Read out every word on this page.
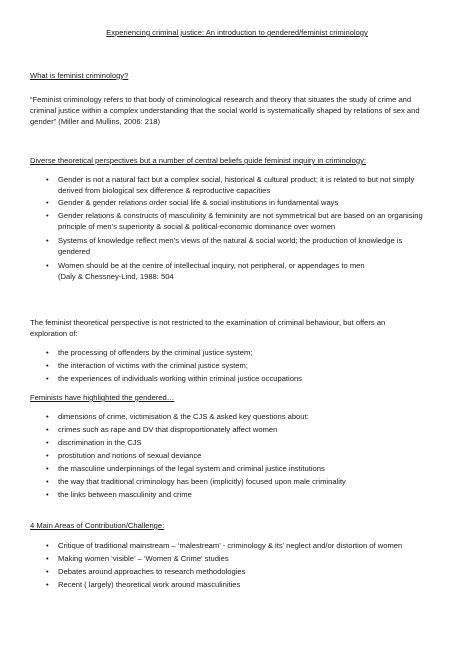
Experiencing criminal justice: An introduction to gendered/feminist criminology
What is feminist criminology?
“Feminist criminology refers to that body of criminological research and theory that situates the study of crime and
criminal justice within a complex understanding that the social world is systematically shaped by relations of sex and
gender” (Miller and Mullins, 2006: 218)
Diverse theoretical perspectives but a number of central beliefs guide feminist inquiry in criminology:
• Gender is not a natural fact but a complex social, historical & cultural product; it is related to but not simply
derived from biological sex difference & reproductive capacities
• Gender & gender relations order social life & social institutions in fundamental ways
• Gender relations & constructs of masculinity & femininity are not symmetrical but are based on an organising
principle of men’s superiority & social & political-economic dominance over women
• Systems of knowledge reflect men’s views of the natural & social world; the production of knowledge is
gendered
• Women should be at the centre of intellectual inquiry, not peripheral, or appendages to men
(Daly & Chessney-Lind, 1988: 504
The feminist theoretical perspective is not restricted to the examination of criminal behaviour, but offers an
exploration of:
• the processing of offenders by the criminal justice system;
• the interaction of victims with the criminal justice system;
• the experiences of individuals working within criminal justice occupations
Feminists have highlighted the gendered…
• dimensions of crime, victimisation & the CJS & asked key questions about:
• crimes such as rape and DV that disproportionately affect women
• discrimination in the CJS
• prostitution and notions of sexual deviance
• the masculine underpinnings of the legal system and criminal justice institutions
• the way that traditional criminology has been (implicitly) focused upon male criminality
• the links between masculinity and crime
4 Main Areas of Contribution/Challenge:
• Critique of traditional mainstream – ‘malestream’ - criminology & its’ neglect and/or distortion of women
• Making women ‘visible’ – ‘Women & Crime’ studies
• Debates around approaches to research methodologies
• Recent ( largely) theoretical work around masculinities
